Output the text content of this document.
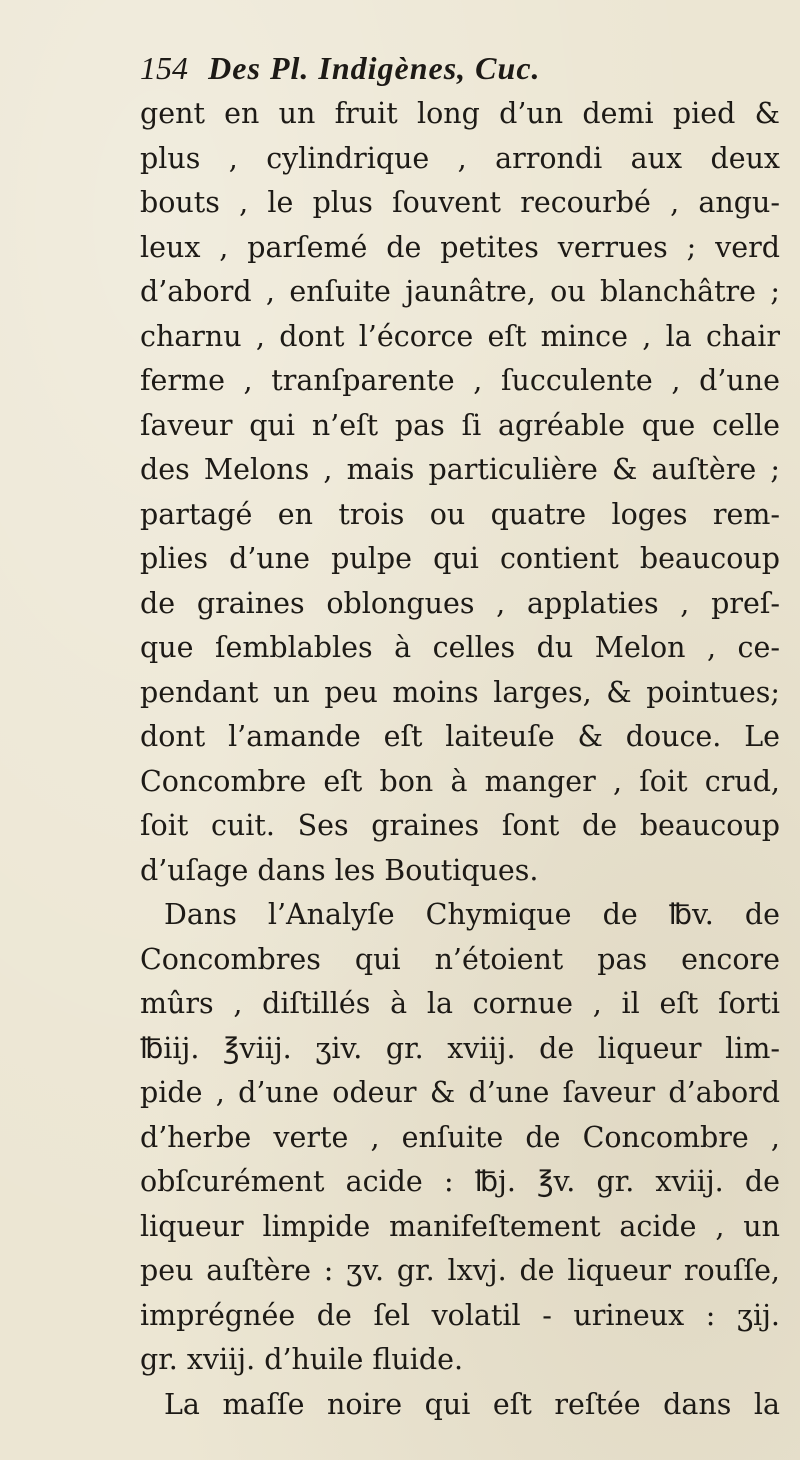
154 Des Pl. Indigènes, Cuc.
gent en un fruit long d’un demi pied &
plus , cylindrique , arrondi aux deux
bouts , le plus ſouvent recourbé , angu-
leux , parſemé de petites verrues ; verd
d’abord , enſuite jaunâtre, ou blanchâtre ;
charnu , dont l’écorce eſt mince , la chair
ferme , tranſparente , ſucculente , d’une
ſaveur qui n’eſt pas ſi agréable que celle
des Melons , mais particulière & auſtère ;
partagé en trois ou quatre loges rem-
plies d’une pulpe qui contient beaucoup
de graines oblongues , applaties , preſ-
que ſemblables à celles du Melon , ce-
pendant un peu moins larges, & pointues;
dont l’amande eſt laiteuſe & douce. Le
Concombre eſt bon à manger , ſoit crud,
ſoit cuit. Ses graines ſont de beaucoup
d’uſage dans les Boutiques.
Dans l’Analyſe Chymique de ℔v. de
Concombres qui n’étoient pas encore
mûrs , diſtillés à la cornue , il eſt ſorti
℔iij. ℥viij. ʒiv. gr. xviij. de liqueur lim-
pide , d’une odeur & d’une ſaveur d’abord
d’herbe verte , enſuite de Concombre ,
obſcurément acide : ℔j. ℥v. gr. xviij. de
liqueur limpide manifeſtement acide , un
peu auſtère : ʒv. gr. lxvj. de liqueur rouſſe,
imprégnée de ſel volatil - urineux : ʒij.
gr. xviij. d’huile fluide.
La maſſe noire qui eſt reſtée dans la
